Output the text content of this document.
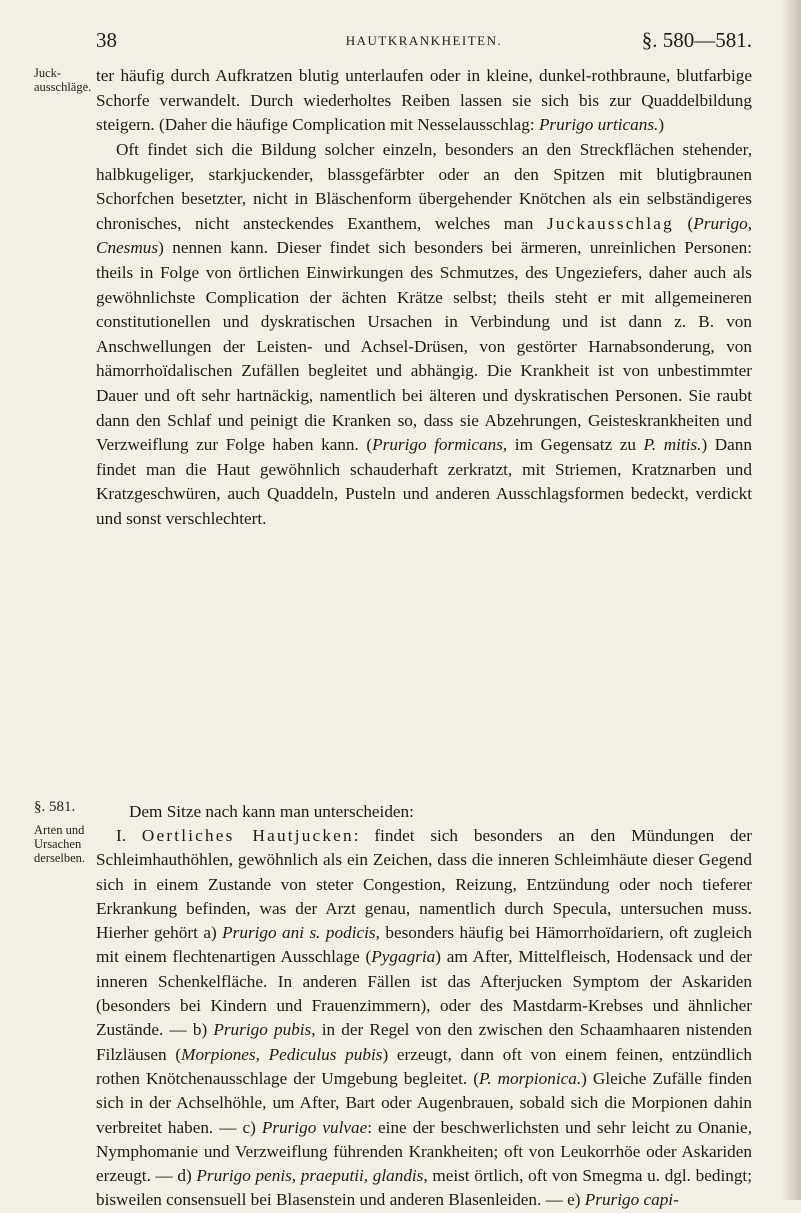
38	HAUTKRANKHEITEN.	§. 580—581.
Juck-ausschläge.
§. 581.
Arten und Ursachen derselben.

ter häufig durch Aufkratzen blutig unterlaufen oder in kleine, dunkel-rothbraune, blutfarbige Schorfe verwandelt. Durch wiederholtes Reiben lassen sie sich bis zur Quaddelbildung steigern. (Daher die häufige Complication mit Nesselausschlag: Prurigo urticans.)

Oft findet sich die Bildung solcher einzeln, besonders an den Streckflächen stehender, halbkugeliger, starkjuckender, blassgefärbter oder an den Spitzen mit blutigbraunen Schorfchen besetzter, nicht in Bläschenform übergehender Knötchen als ein selbständigeres chronisches, nicht ansteckendes Exanthem, welches man Juckausschlag (Prurigo, Cnesmus) nennen kann. Dieser findet sich besonders bei ärmeren, unreinlichen Personen: theils in Folge von örtlichen Einwirkungen des Schmutzes, des Ungeziefers, daher auch als gewöhnlichste Complication der ächten Krätze selbst; theils steht er mit allgemeineren constitutionellen und dyskratischen Ursachen in Verbindung und ist dann z. B. von Anschwellungen der Leisten- und Achsel-Drüsen, von gestörter Harnabsonderung, von hämorrhoïdalischen Zufällen begleitet und abhängig. Die Krankheit ist von unbestimmter Dauer und oft sehr hartnäckig, namentlich bei älteren und dyskratischen Personen. Sie raubt dann den Schlaf und peinigt die Kranken so, dass sie Abzehrungen, Geisteskrankheiten und Verzweiflung zur Folge haben kann. (Prurigo formicans, im Gegensatz zu P. mitis.) Dann findet man die Haut gewöhnlich schauderhaft zerkratzt, mit Striemen, Kratznarben und Kratzgeschwüren, auch Quaddeln, Pusteln und anderen Ausschlagsformen bedeckt, verdickt und sonst verschlechtert.

Dem Sitze nach kann man unterscheiden:

I. Oertliches Hautjucken: findet sich besonders an den Mündungen der Schleimhauthöhlen, gewöhnlich als ein Zeichen, dass die inneren Schleimhäute dieser Gegend sich in einem Zustande von steter Congestion, Reizung, Entzündung oder noch tieferer Erkrankung befinden, was der Arzt genau, namentlich durch Specula, untersuchen muss. Hierher gehört a) Prurigo ani s. podicis, besonders häufig bei Hämorrhoïdariern, oft zugleich mit einem flechtenartigen Ausschlage (Pygagria) am After, Mittelfleisch, Hodensack und der inneren Schenkelfläche. In anderen Fällen ist das Afterjucken Symptom der Askariden (besonders bei Kindern und Frauenzimmern), oder des Mastdarm-Krebses und ähnlicher Zustände. — b) Prurigo pubis, in der Regel von den zwischen den Schaamhaaren nistenden Filzläusen (Morpiones, Pediculus pubis) erzeugt, dann oft von einem feinen, entzündlich rothen Knötchenausschlage der Umgebung begleitet. (P. morpionica.) Gleiche Zufälle finden sich in der Achselhöhle, um After, Bart oder Augenbrauen, sobald sich die Morpionen dahin verbreitet haben. — c) Prurigo vulvae: eine der beschwerlichsten und sehr leicht zu Onanie, Nymphomanie und Verzweiflung führenden Krankheiten; oft von Leukorrhöe oder Askariden erzeugt. — d) Prurigo penis, praeputii, glandis, meist örtlich, oft von Smegma u. dgl. bedingt; bisweilen consensuell bei Blasenstein und anderen Blasenleiden. — e) Prurigo capi-
